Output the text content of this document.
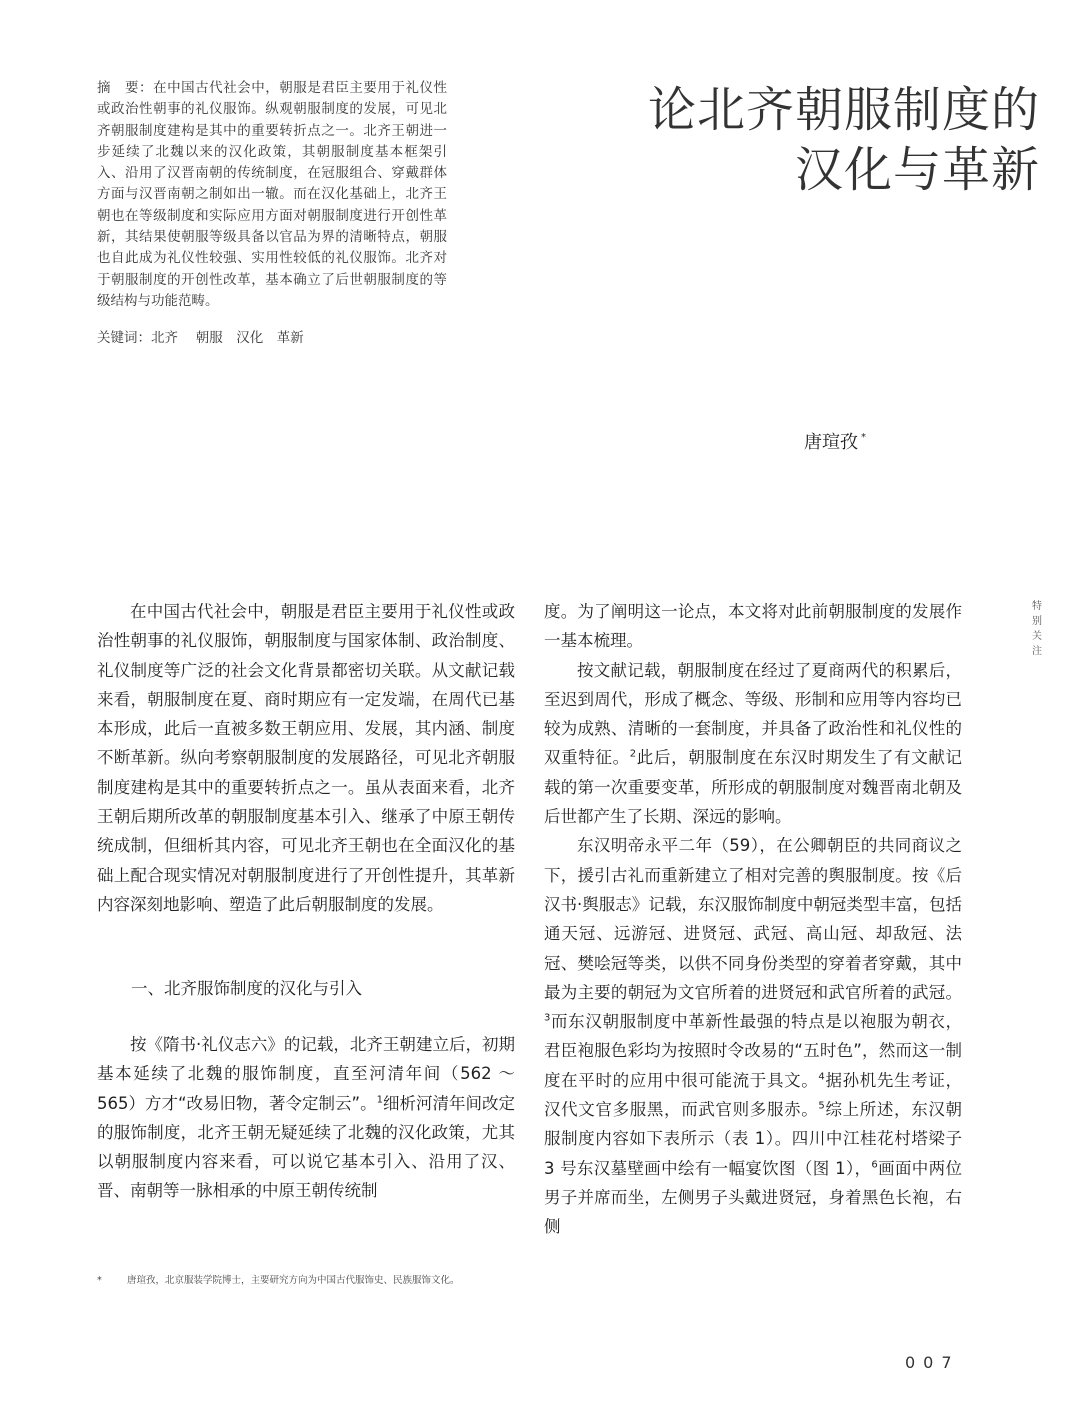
摘　要：在中国古代社会中，朝服是君臣主要用于礼仪性或政治性朝事的礼仪服饰。纵观朝服制度的发展，可见北齐朝服制度建构是其中的重要转折点之一。北齐王朝进一步延续了北魏以来的汉化政策，其朝服制度基本框架引入、沿用了汉晋南朝的传统制度，在冠服组合、穿戴群体方面与汉晋南朝之制如出一辙。而在汉化基础上，北齐王朝也在等级制度和实际应用方面对朝服制度进行开创性革新，其结果使朝服等级具备以官品为界的清晰特点，朝服也自此成为礼仪性较强、实用性较低的礼仪服饰。北齐对于朝服制度的开创性改革，基本确立了后世朝服制度的等级结构与功能范畴。
关键词：北齐　 朝服　汉化　革新
论北齐朝服制度的
汉化与革新
唐瑄孜 *
特别关注

在中国古代社会中，朝服是君臣主要用于礼仪性或政治性朝事的礼仪服饰，朝服制度与国家体制、政治制度、礼仪制度等广泛的社会文化背景都密切关联。从文献记载来看，朝服制度在夏、商时期应有一定发端，在周代已基本形成，此后一直被多数王朝应用、发展，其内涵、制度不断革新。纵向考察朝服制度的发展路径，可见北齐朝服制度建构是其中的重要转折点之一。虽从表面来看，北齐王朝后期所改革的朝服制度基本引入、继承了中原王朝传统成制，但细析其内容，可见北齐王朝也在全面汉化的基础上配合现实情况对朝服制度进行了开创性提升，其革新内容深刻地影响、塑造了此后朝服制度的发展。

一、北齐服饰制度的汉化与引入

按《隋书·礼仪志六》的记载，北齐王朝建立后，初期基本延续了北魏的服饰制度，直至河清年间（562 ～ 565）方才“改易旧物，著令定制云”。$^1$细析河清年间改定的服饰制度，北齐王朝无疑延续了北魏的汉化政策，尤其以朝服制度内容来看，可以说它基本引入、沿用了汉、晋、南朝等一脉相承的中原王朝传统制

度。为了阐明这一论点，本文将对此前朝服制度的发展作一基本梳理。

按文献记载，朝服制度在经过了夏商两代的积累后，至迟到周代，形成了概念、等级、形制和应用等内容均已较为成熟、清晰的一套制度，并具备了政治性和礼仪性的双重特征。$^2$此后，朝服制度在东汉时期发生了有文献记载的第一次重要变革，所形成的朝服制度对魏晋南北朝及后世都产生了长期、深远的影响。

东汉明帝永平二年（59），在公卿朝臣的共同商议之下，援引古礼而重新建立了相对完善的舆服制度。按《后汉书·舆服志》记载，东汉服饰制度中朝冠类型丰富，包括通天冠、远游冠、进贤冠、武冠、高山冠、却敌冠、法冠、樊哙冠等类，以供不同身份类型的穿着者穿戴，其中最为主要的朝冠为文官所着的进贤冠和武官所着的武冠。$^3$而东汉朝服制度中革新性最强的特点是以袍服为朝衣，君臣袍服色彩均为按照时令改易的“五时色”，然而这一制度在平时的应用中很可能流于具文。$^4$据孙机先生考证，汉代文官多服黑，而武官则多服赤。$^5$综上所述，东汉朝服制度内容如下表所示（表 1）。四川中江桂花村塔梁子 3 号东汉墓壁画中绘有一幅宴饮图（图 1），$^6$画面中两位男子并席而坐，左侧男子头戴进贤冠，身着黑色长袍，右侧

*	唐瑄孜，北京服装学院博士，主要研究方向为中国古代服饰史、民族服饰文化。
007
